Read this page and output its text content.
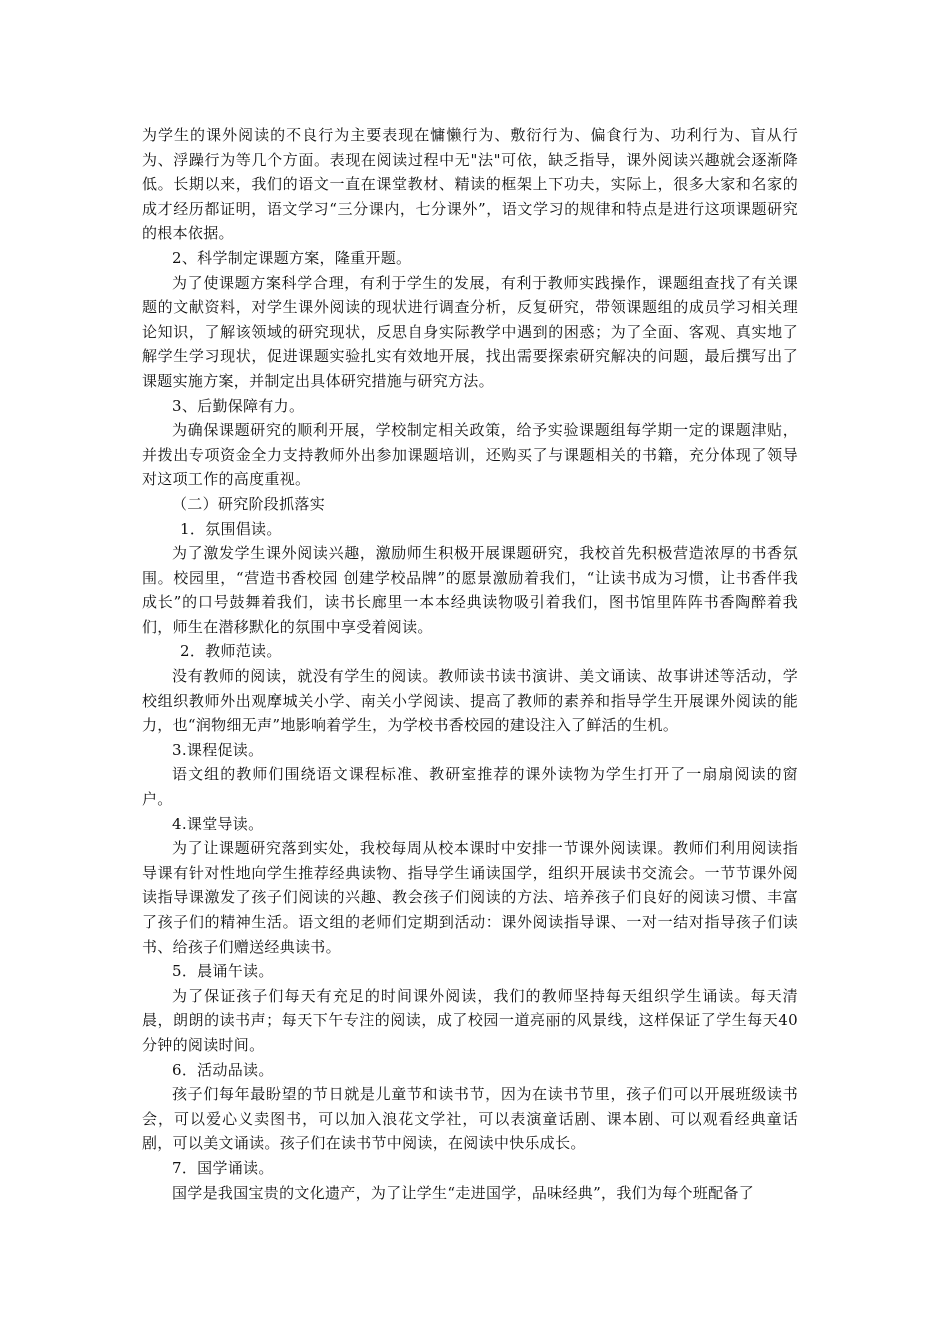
为学生的课外阅读的不良行为主要表现在慵懒行为、敷衍行为、偏食行为、功利行为、盲从行为、浮躁行为等几个方面。表现在阅读过程中无"法"可依，缺乏指导，课外阅读兴趣就会逐渐降低。长期以来，我们的语文一直在课堂教材、精读的框架上下功夫，实际上，很多大家和名家的成才经历都证明，语文学习“三分课内，七分课外”，语文学习的规律和特点是进行这项课题研究的根本依据。

2、科学制定课题方案，隆重开题。

为了使课题方案科学合理，有利于学生的发展，有利于教师实践操作，课题组查找了有关课题的文献资料，对学生课外阅读的现状进行调查分析，反复研究，带领课题组的成员学习相关理论知识，了解该领域的研究现状，反思自身实际教学中遇到的困惑；为了全面、客观、真实地了解学生学习现状，促进课题实验扎实有效地开展，找出需要探索研究解决的问题，最后撰写出了课题实施方案，并制定出具体研究措施与研究方法。

3、后勤保障有力。

为确保课题研究的顺利开展，学校制定相关政策，给予实验课题组每学期一定的课题津贴，并拨出专项资金全力支持教师外出参加课题培训，还购买了与课题相关的书籍，充分体现了领导对这项工作的高度重视。

（二）研究阶段抓落实

1．氛围倡读。

为了激发学生课外阅读兴趣，激励师生积极开展课题研究，我校首先积极营造浓厚的书香氛围。校园里，“营造书香校园 创建学校品牌”的愿景激励着我们，“让读书成为习惯，让书香伴我成长”的口号鼓舞着我们，读书长廊里一本本经典读物吸引着我们，图书馆里阵阵书香陶醉着我们，师生在潜移默化的氛围中享受着阅读。

2．教师范读。

没有教师的阅读，就没有学生的阅读。教师读书读书演讲、美文诵读、故事讲述等活动，学校组织教师外出观摩城关小学、南关小学阅读、提高了教师的素养和指导学生开展课外阅读的能力，也“润物细无声”地影响着学生，为学校书香校园的建设注入了鲜活的生机。

3.课程促读。

语文组的教师们围绕语文课程标准、教研室推荐的课外读物为学生打开了一扇扇阅读的窗户。

4.课堂导读。

为了让课题研究落到实处，我校每周从校本课时中安排一节课外阅读课。教师们利用阅读指导课有针对性地向学生推荐经典读物、指导学生诵读国学，组织开展读书交流会。一节节课外阅读指导课激发了孩子们阅读的兴趣、教会孩子们阅读的方法、培养孩子们良好的阅读习惯、丰富了孩子们的精神生活。语文组的老师们定期到活动：课外阅读指导课、一对一结对指导孩子们读书、给孩子们赠送经典读书。

5．晨诵午读。

为了保证孩子们每天有充足的时间课外阅读，我们的教师坚持每天组织学生诵读。每天清晨，朗朗的读书声；每天下午专注的阅读，成了校园一道亮丽的风景线，这样保证了学生每天40分钟的阅读时间。

6．活动品读。

孩子们每年最盼望的节日就是儿童节和读书节，因为在读书节里，孩子们可以开展班级读书会，可以爱心义卖图书，可以加入浪花文学社，可以表演童话剧、课本剧、可以观看经典童话剧，可以美文诵读。孩子们在读书节中阅读，在阅读中快乐成长。

7．国学诵读。

国学是我国宝贵的文化遗产，为了让学生“走进国学，品味经典”，我们为每个班配备了
